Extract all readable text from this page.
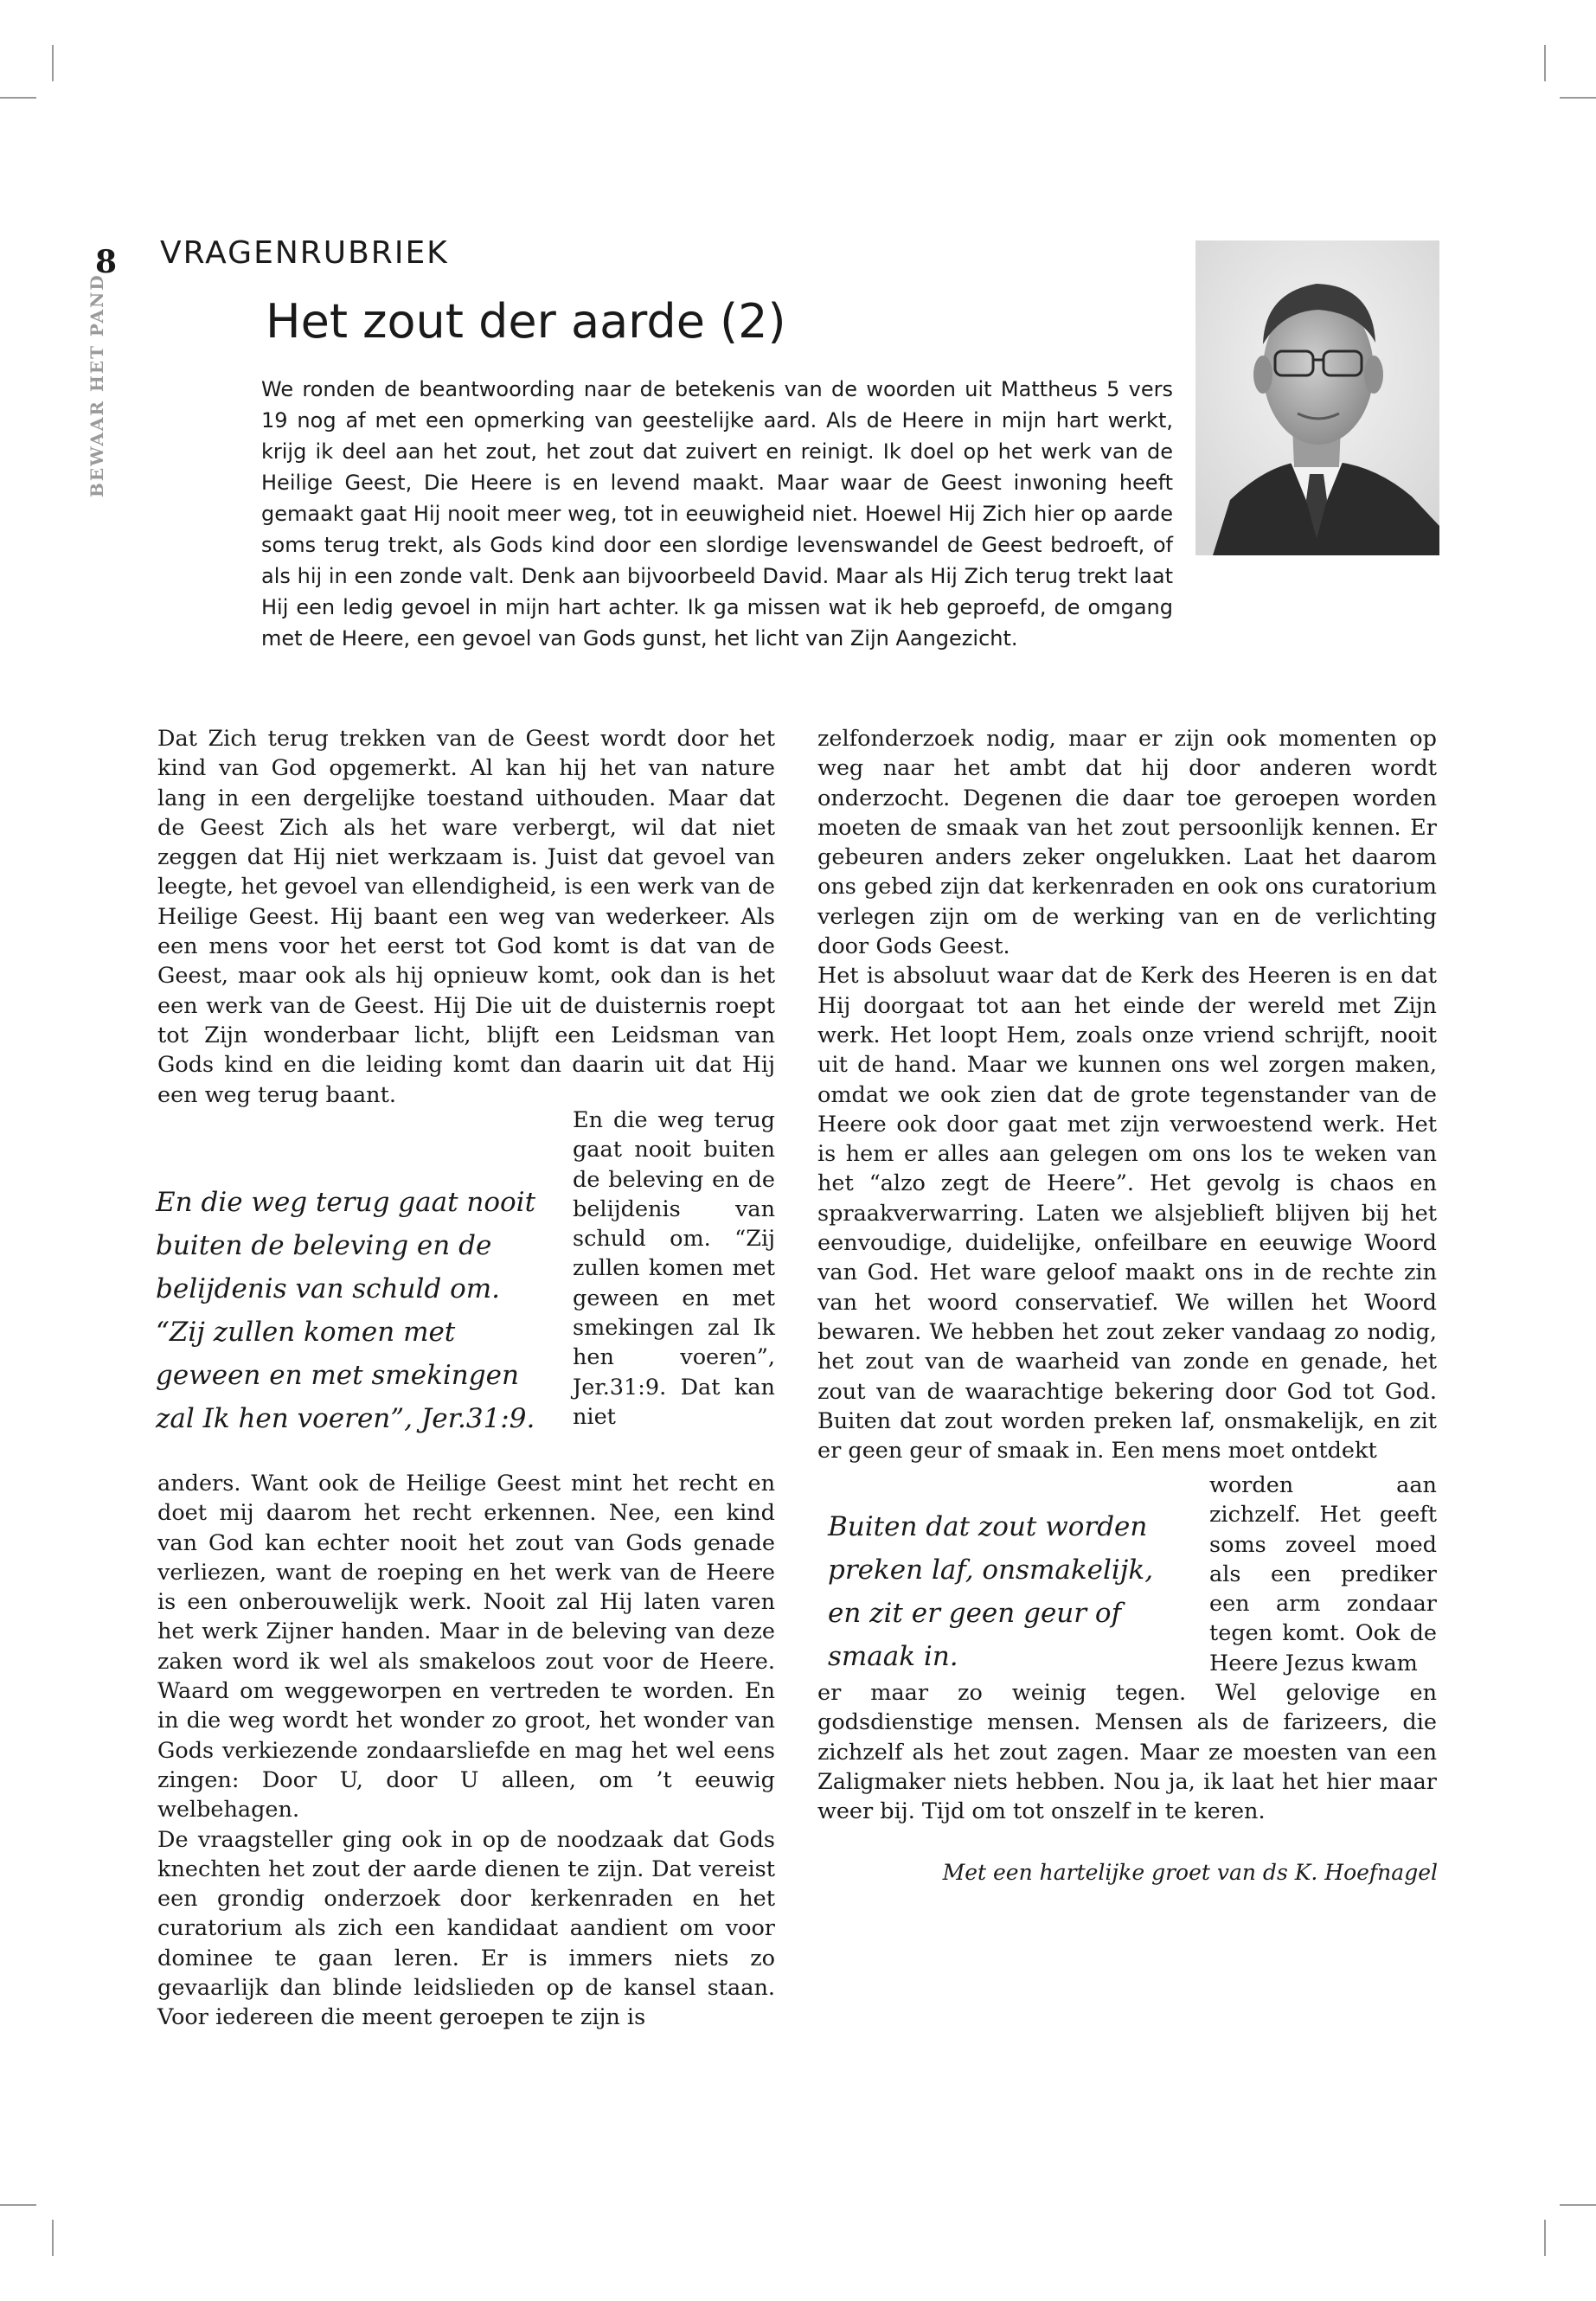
8
BEWAAR HET PAND
VRAGENRUBRIEK
Het zout der aarde (2)

We ronden de beantwoording naar de betekenis van de woorden uit Mattheus 5 vers 19 nog af met een opmerking van geestelijke aard. Als de Heere in mijn hart werkt, krijg ik deel aan het zout, het zout dat zuivert en reinigt. Ik doel op het werk van de Heilige Geest, Die Heere is en levend maakt. Maar waar de Geest inwoning heeft gemaakt gaat Hij nooit meer weg, tot in eeuwigheid niet. Hoewel Hij Zich hier op aarde soms terug trekt, als Gods kind door een slordige levenswandel de Geest bedroeft, of als hij in een zonde valt. Denk aan bijvoorbeeld David. Maar als Hij Zich terug trekt laat Hij een ledig gevoel in mijn hart achter. Ik ga missen wat ik heb geproefd, de omgang met de Heere, een gevoel van Gods gunst, het licht van Zijn Aangezicht.

Dat Zich terug trekken van de Geest wordt door het kind van God opgemerkt. Al kan hij het van nature lang in een dergelijke toestand uithouden. Maar dat de Geest Zich als het ware verbergt, wil dat niet zeggen dat Hij niet werkzaam is. Juist dat gevoel van leegte, het gevoel van ellendigheid, is een werk van de Heilige Geest. Hij baant een weg van wederkeer. Als een mens voor het eerst tot God komt is dat van de Geest, maar ook als hij opnieuw komt, ook dan is het een werk van de Geest. Hij Die uit de duisternis roept tot Zijn wonderbaar licht, blijft een Leidsman van Gods kind en die leiding komt dan daarin uit dat Hij een weg terug baant.

En die weg terug gaat nooit buiten de beleving en de belijdenis van schuld om. “Zij zullen komen met geween en met smekingen zal Ik hen voeren”, Jer.31:9.

En die weg terug gaat nooit buiten de beleving en de belijdenis van schuld om. “Zij zullen komen met geween en met smekingen zal Ik hen voeren”, Jer.31:9. Dat kan niet

anders. Want ook de Heilige Geest mint het recht en doet mij daarom het recht erkennen. Nee, een kind van God kan echter nooit het zout van Gods genade verliezen, want de roeping en het werk van de Heere is een onberouwelijk werk. Nooit zal Hij laten varen het werk Zijner handen. Maar in de beleving van deze zaken word ik wel als smakeloos zout voor de Heere. Waard om weggeworpen en vertreden te worden. En in die weg wordt het wonder zo groot, het wonder van Gods verkiezende zondaarsliefde en mag het wel eens zingen: Door U, door U alleen, om ’t eeuwig welbehagen.

De vraagsteller ging ook in op de noodzaak dat Gods knechten het zout der aarde dienen te zijn. Dat vereist een grondig onderzoek door kerkenraden en het curatorium als zich een kandidaat aandient om voor dominee te gaan leren. Er is immers niets zo gevaarlijk dan blinde leidslieden op de kansel staan. Voor iedereen die meent geroepen te zijn is

zelfonderzoek nodig, maar er zijn ook momenten op weg naar het ambt dat hij door anderen wordt onderzocht. Degenen die daar toe geroepen worden moeten de smaak van het zout persoonlijk kennen. Er gebeuren anders zeker ongelukken. Laat het daarom ons gebed zijn dat kerkenraden en ook ons curatorium verlegen zijn om de werking van en de verlichting door Gods Geest.

Het is absoluut waar dat de Kerk des Heeren is en dat Hij doorgaat tot aan het einde der wereld met Zijn werk. Het loopt Hem, zoals onze vriend schrijft, nooit uit de hand. Maar we kunnen ons wel zorgen maken, omdat we ook zien dat de grote tegenstander van de Heere ook door gaat met zijn verwoestend werk. Het is hem er alles aan gelegen om ons los te weken van het “alzo zegt de Heere”. Het gevolg is chaos en spraakverwarring. Laten we alsjeblieft blijven bij het eenvoudige, duidelijke, onfeilbare en eeuwige Woord van God. Het ware geloof maakt ons in de rechte zin van het woord conservatief. We willen het Woord bewaren. We hebben het zout zeker vandaag zo nodig, het zout van de waarheid van zonde en genade, het zout van de waarachtige bekering door God tot God. Buiten dat zout worden preken laf, onsmakelijk, en zit er geen geur of smaak in. Een mens moet ontdekt

Buiten dat zout worden preken laf, onsmakelijk, en zit er geen geur of smaak in.

worden aan zichzelf. Het geeft soms zoveel moed als een prediker een arm zondaar tegen komt. Ook de Heere Jezus kwam

er maar zo weinig tegen. Wel gelovige en godsdienstige mensen. Mensen als de farizeers, die zichzelf als het zout zagen. Maar ze moesten van een Zaligmaker niets hebben. Nou ja, ik laat het hier maar weer bij. Tijd om tot onszelf in te keren.

Met een hartelijke groet van ds K. Hoefnagel
